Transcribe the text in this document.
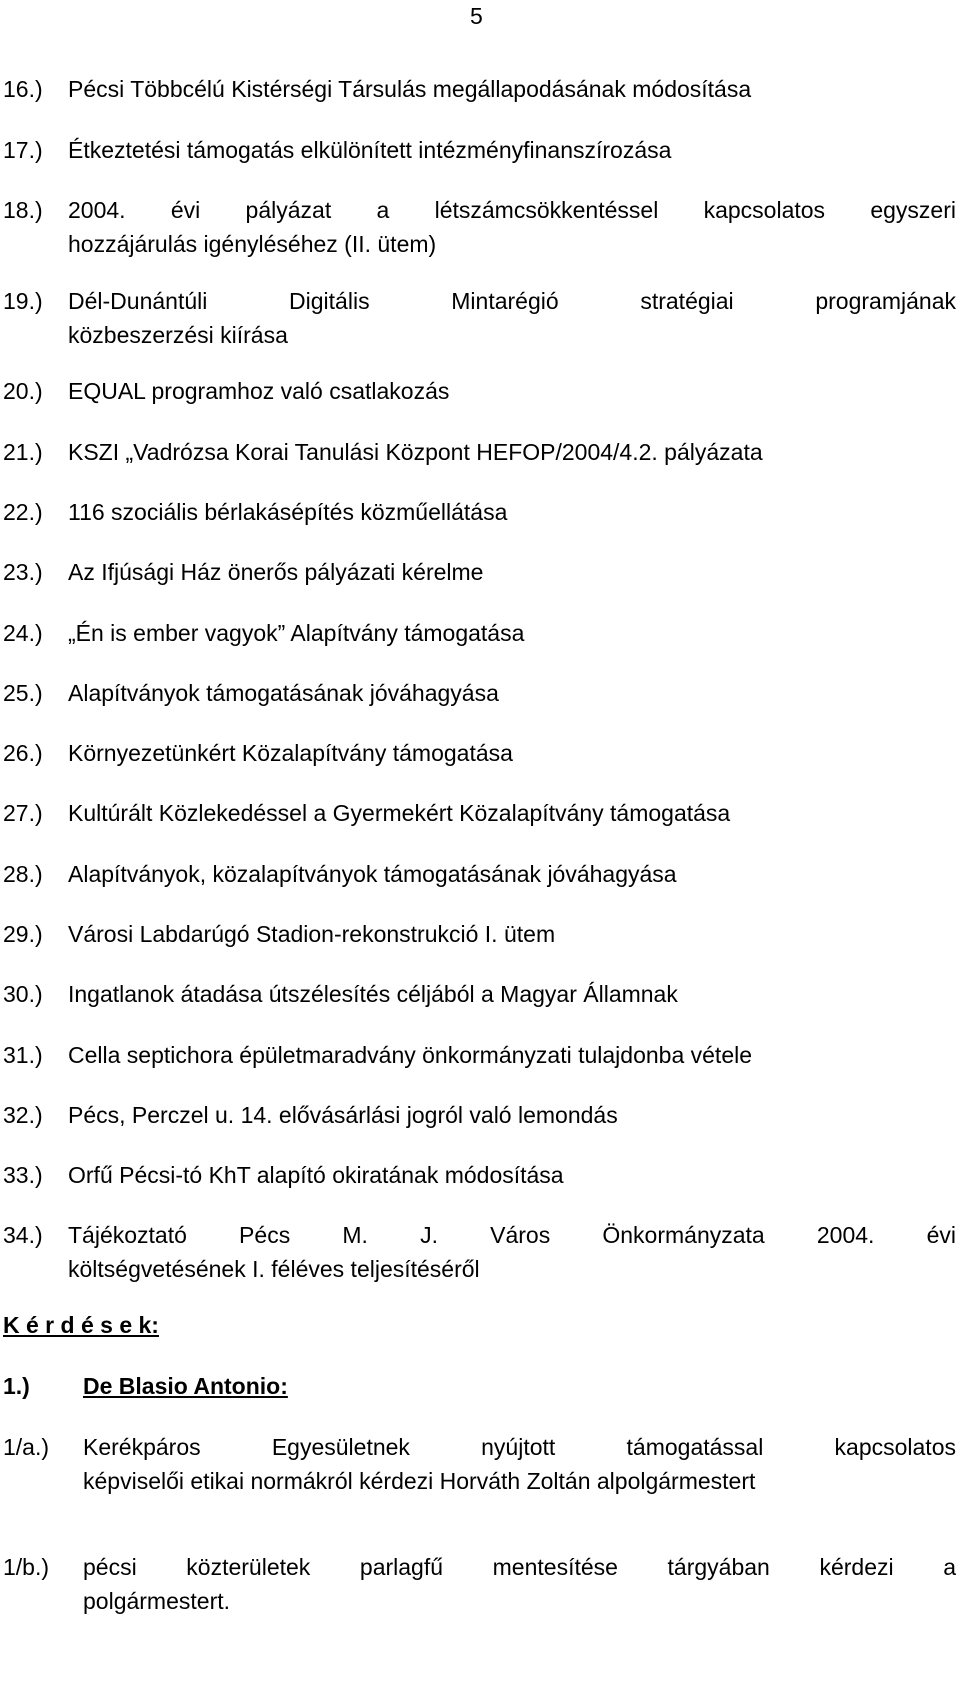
5
16.) Pécsi Többcélú Kistérségi Társulás megállapodásának módosítása
17.) Étkeztetési támogatás elkülönített intézményfinanszírozása
18.) 2004. évi pályázat a létszámcsökkentéssel kapcsolatos egyszeri
hozzájárulás igényléséhez (II. ütem)
19.) Dél-Dunántúli Digitális Mintarégió stratégiai programjának
közbeszerzési kiírása
20.) EQUAL programhoz való csatlakozás
21.) KSZI „Vadrózsa Korai Tanulási Központ HEFOP/2004/4.2. pályázata
22.) 116 szociális bérlakásépítés közműellátása
23.) Az Ifjúsági Ház önerős pályázati kérelme
24.) „Én is ember vagyok” Alapítvány támogatása
25.) Alapítványok támogatásának jóváhagyása
26.) Környezetünkért Közalapítvány támogatása
27.) Kultúrált Közlekedéssel a Gyermekért Közalapítvány támogatása
28.) Alapítványok, közalapítványok támogatásának jóváhagyása
29.) Városi Labdarúgó Stadion-rekonstrukció I. ütem
30.) Ingatlanok átadása útszélesítés céljából a Magyar Államnak
31.) Cella septichora épületmaradvány önkormányzati tulajdonba vétele
32.) Pécs, Perczel u. 14. elővásárlási jogról való lemondás
33.) Orfű Pécsi-tó KhT alapító okiratának módosítása
34.) Tájékoztató Pécs M. J. Város Önkormányzata 2004. évi
költségvetésének I. féléves teljesítéséről
K é r d é s e k:
1.) De Blasio Antonio:
1/a.) Kerékpáros Egyesületnek nyújtott támogatással kapcsolatos
képviselői etikai normákról kérdezi Horváth Zoltán alpolgármestert
1/b.) pécsi közterületek parlagfű mentesítése tárgyában kérdezi a
polgármestert.
